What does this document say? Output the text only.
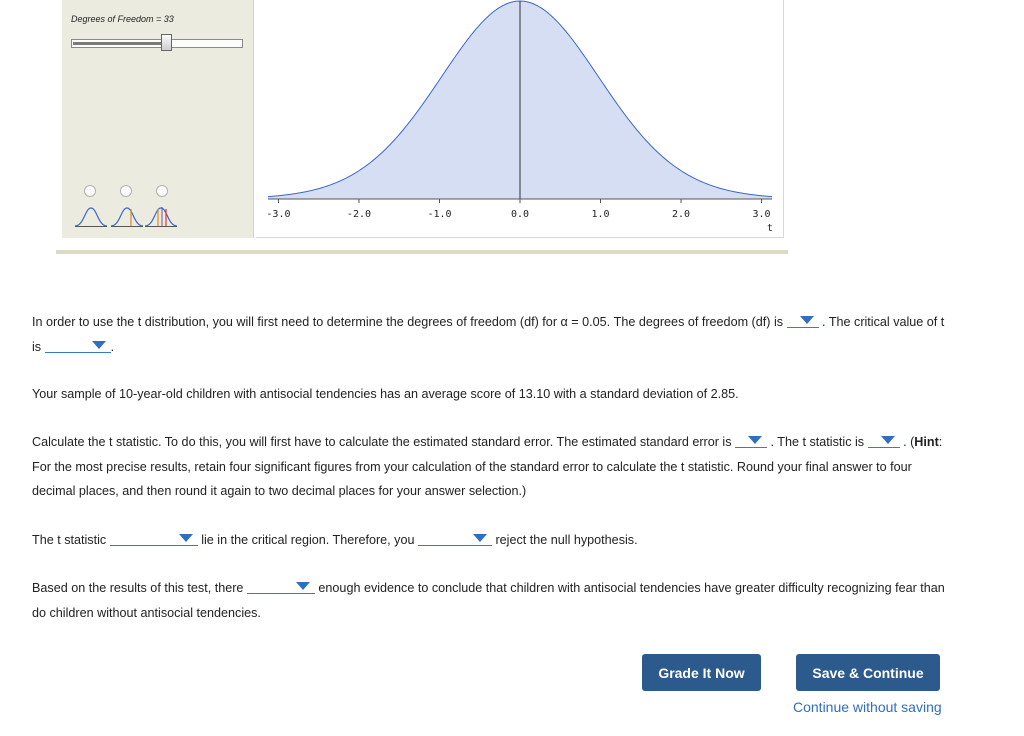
Degrees of Freedom = 33
-3.0	-2.0	-1.0	0.0	1.0	2.0	3.0
t
In order to use the t distribution, you will first need to determine the degrees of freedom (df) for α = 0.05. The degrees of freedom (df) is	. The critical value of t is	.
Your sample of 10-year-old children with antisocial tendencies has an average score of 13.10 with a standard deviation of 2.85.
Calculate the t statistic. To do this, you will first have to calculate the estimated standard error. The estimated standard error is	. The t statistic is	. (Hint: For the most precise results, retain four significant figures from your calculation of the standard error to calculate the t statistic. Round your final answer to four decimal places, and then round it again to two decimal places for your answer selection.)
The t statistic	lie in the critical region. Therefore, you	reject the null hypothesis.
Based on the results of this test, there	enough evidence to conclude that children with antisocial tendencies have greater difficulty recognizing fear than do children without antisocial tendencies.
Grade It Now	Save & Continue
Continue without saving
